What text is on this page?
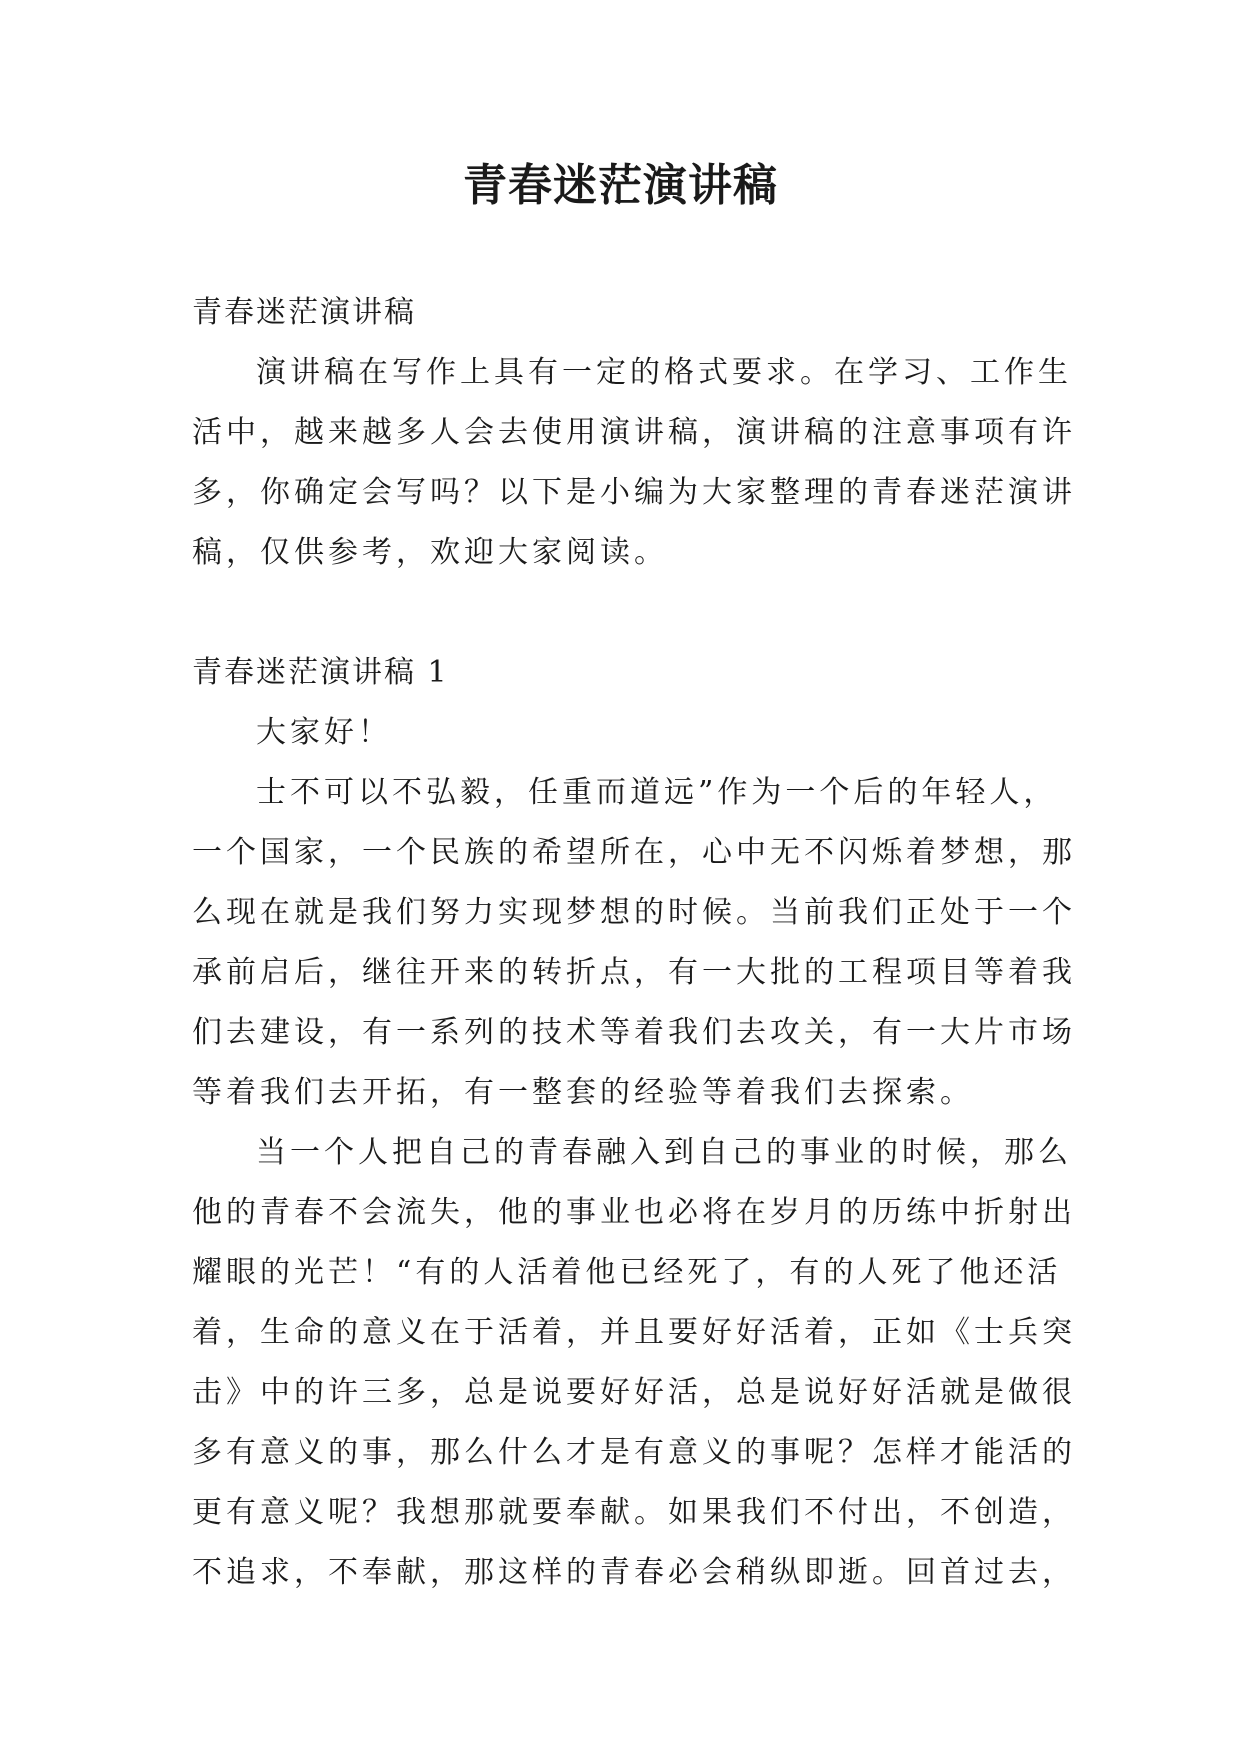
青春迷茫演讲稿
青春迷茫演讲稿
演讲稿在写作上具有一定的格式要求。在学习、工作生
活中，越来越多人会去使用演讲稿，演讲稿的注意事项有许
多，你确定会写吗？以下是小编为大家整理的青春迷茫演讲
稿，仅供参考，欢迎大家阅读。
青春迷茫演讲稿 1
大家好！
士不可以不弘毅，任重而道远”作为一个后的年轻人，
一个国家，一个民族的希望所在，心中无不闪烁着梦想，那
么现在就是我们努力实现梦想的时候。当前我们正处于一个
承前启后，继往开来的转折点，有一大批的工程项目等着我
们去建设，有一系列的技术等着我们去攻关，有一大片市场
等着我们去开拓，有一整套的经验等着我们去探索。
当一个人把自己的青春融入到自己的事业的时候，那么
他的青春不会流失，他的事业也必将在岁月的历练中折射出
耀眼的光芒！“有的人活着他已经死了，有的人死了他还活
着，生命的意义在于活着，并且要好好活着，正如《士兵突
击》中的许三多，总是说要好好活，总是说好好活就是做很
多有意义的事，那么什么才是有意义的事呢？怎样才能活的
更有意义呢？我想那就要奉献。如果我们不付出，不创造，
不追求，不奉献，那这样的青春必会稍纵即逝。回首过去，
